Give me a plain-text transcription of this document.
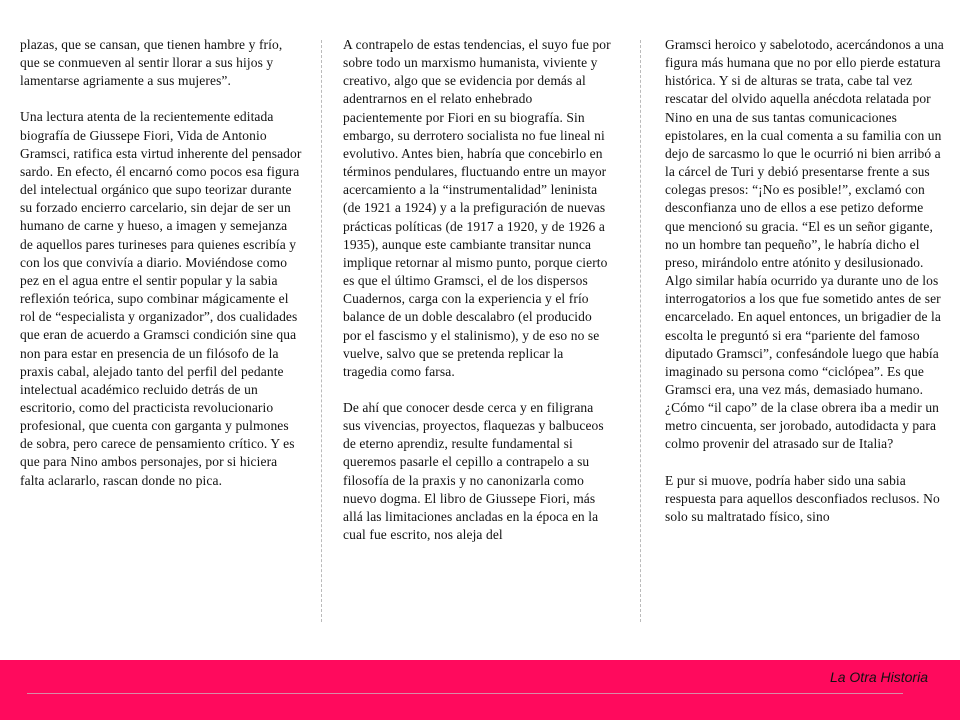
plazas, que se cansan, que tienen hambre y frío, que se conmueven al sentir llorar a sus hijos y lamentarse agriamente a sus mujeres”.

Una lectura atenta de la recientemente editada biografía de Giussepe Fiori, Vida de Antonio Gramsci, ratifica esta virtud inherente del pensador sardo. En efecto, él encarnó como pocos esa figura del intelectual orgánico que supo teorizar durante su forzado encierro carcelario, sin dejar de ser un humano de carne y hueso, a imagen y semejanza de aquellos pares turineses para quienes escribía y con los que convivía a diario. Moviéndose como pez en el agua entre el sentir popular y la sabia reflexión teórica, supo combinar mágicamente el rol de “especialista y organizador”, dos cualidades que eran de acuerdo a Gramsci condición sine qua non para estar en presencia de un filósofo de la praxis cabal, alejado tanto del perfil del pedante intelectual académico recluido detrás de un escritorio, como del practicista revolucionario profesional, que cuenta con garganta y pulmones de sobra, pero carece de pensamiento crítico. Y es que para Nino ambos personajes, por si hiciera falta aclararlo, rascan donde no pica.

A contrapelo de estas tendencias, el suyo fue por sobre todo un marxismo humanista, viviente y creativo, algo que se evidencia por demás al adentrarnos en el relato enhebrado pacientemente por Fiori en su biografía. Sin embargo, su derrotero socialista no fue lineal ni evolutivo. Antes bien, habría que concebirlo en términos pendulares, fluctuando entre un mayor acercamiento a la “instrumentalidad” leninista (de 1921 a 1924) y a la prefiguración de nuevas prácticas políticas (de 1917 a 1920, y de 1926 a 1935), aunque este cambiante transitar nunca implique retornar al mismo punto, porque cierto es que el último Gramsci, el de los dispersos Cuadernos, carga con la experiencia y el frío balance de un doble descalabro (el producido por el fascismo y el stalinismo), y de eso no se vuelve, salvo que se pretenda replicar la tragedia como farsa.

De ahí que conocer desde cerca y en filigrana sus vivencias, proyectos, flaquezas y balbuceos de eterno aprendiz, resulte fundamental si queremos pasarle el cepillo a contrapelo a su filosofía de la praxis y no canonizarla como nuevo dogma. El libro de Giussepe Fiori, más allá las limitaciones ancladas en la época en la cual fue escrito, nos aleja del

Gramsci heroico y sabelotodo, acercándonos a una figura más humana que no por ello pierde estatura histórica. Y si de alturas se trata, cabe tal vez rescatar del olvido aquella anécdota relatada por Nino en una de sus tantas comunicaciones epistolares, en la cual comenta a su familia con un dejo de sarcasmo lo que le ocurrió ni bien arribó a la cárcel de Turi y debió presentarse frente a sus colegas presos: “¡No es posible!”, exclamó con desconfianza uno de ellos a ese petizo deforme que mencionó su gracia. “El es un señor gigante, no un hombre tan pequeño”, le habría dicho el preso, mirándolo entre atónito y desilusionado. Algo similar había ocurrido ya durante uno de los interrogatorios a los que fue sometido antes de ser encarcelado. En aquel entonces, un brigadier de la escolta le preguntó si era “pariente del famoso diputado Gramsci”, confesándole luego que había imaginado su persona como “ciclópea”. Es que Gramsci era, una vez más, demasiado humano. ¿Cómo “il capo” de la clase obrera iba a medir un metro cincuenta, ser jorobado, autodidacta y para colmo provenir del atrasado sur de Italia?

E pur si muove, podría haber sido una sabia respuesta para aquellos desconfiados reclusos. No solo su maltratado físico, sino

La Otra Historia
